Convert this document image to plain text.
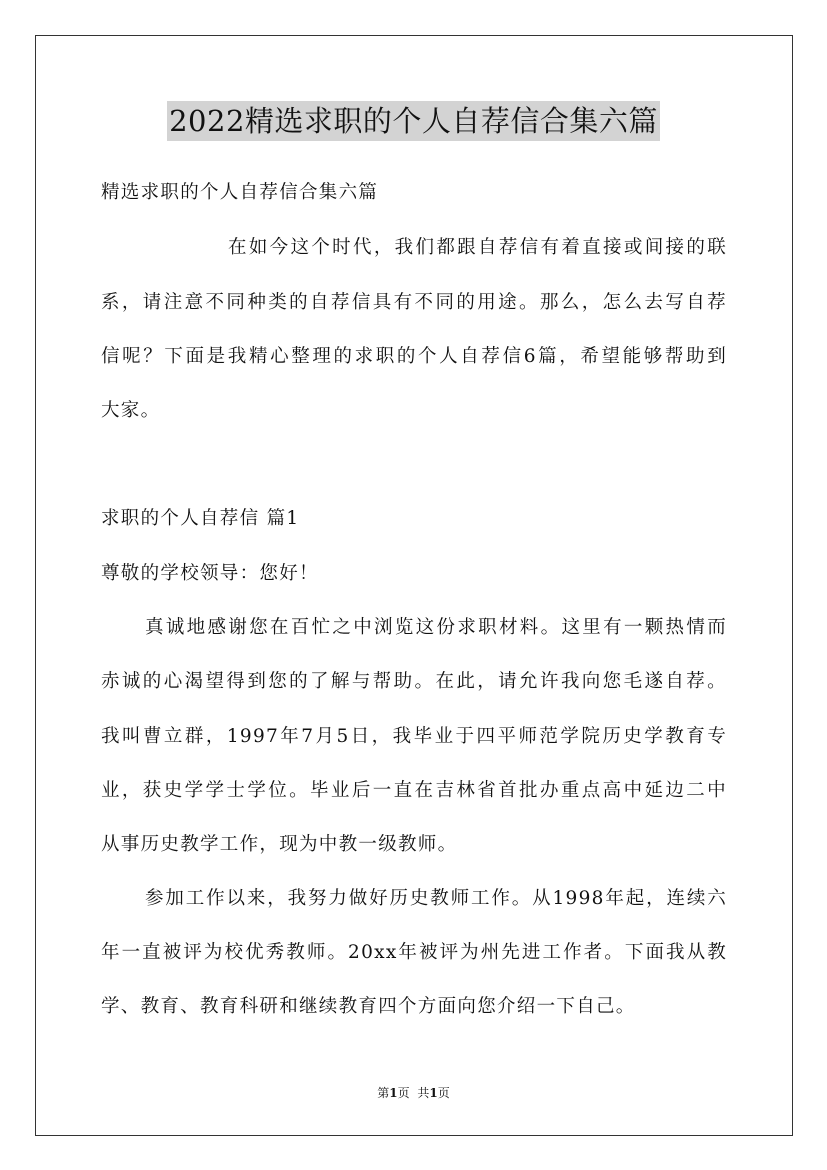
2022精选求职的个人自荐信合集六篇
精选求职的个人自荐信合集六篇
在如今这个时代，我们都跟自荐信有着直接或间接的联
系，请注意不同种类的自荐信具有不同的用途。那么，怎么去写自荐
信呢？下面是我精心整理的求职的个人自荐信6篇，希望能够帮助到
大家。
求职的个人自荐信 篇1
尊敬的学校领导：您好！
真诚地感谢您在百忙之中浏览这份求职材料。这里有一颗热情而
赤诚的心渴望得到您的了解与帮助。在此，请允许我向您毛遂自荐。
我叫曹立群，1997年7月5日，我毕业于四平师范学院历史学教育专
业，获史学学士学位。毕业后一直在吉林省首批办重点高中延边二中
从事历史教学工作，现为中教一级教师。
参加工作以来，我努力做好历史教师工作。从1998年起，连续六
年一直被评为校优秀教师。20xx年被评为州先进工作者。下面我从教
学、教育、教育科研和继续教育四个方面向您介绍一下自己。
第1页 共1页
